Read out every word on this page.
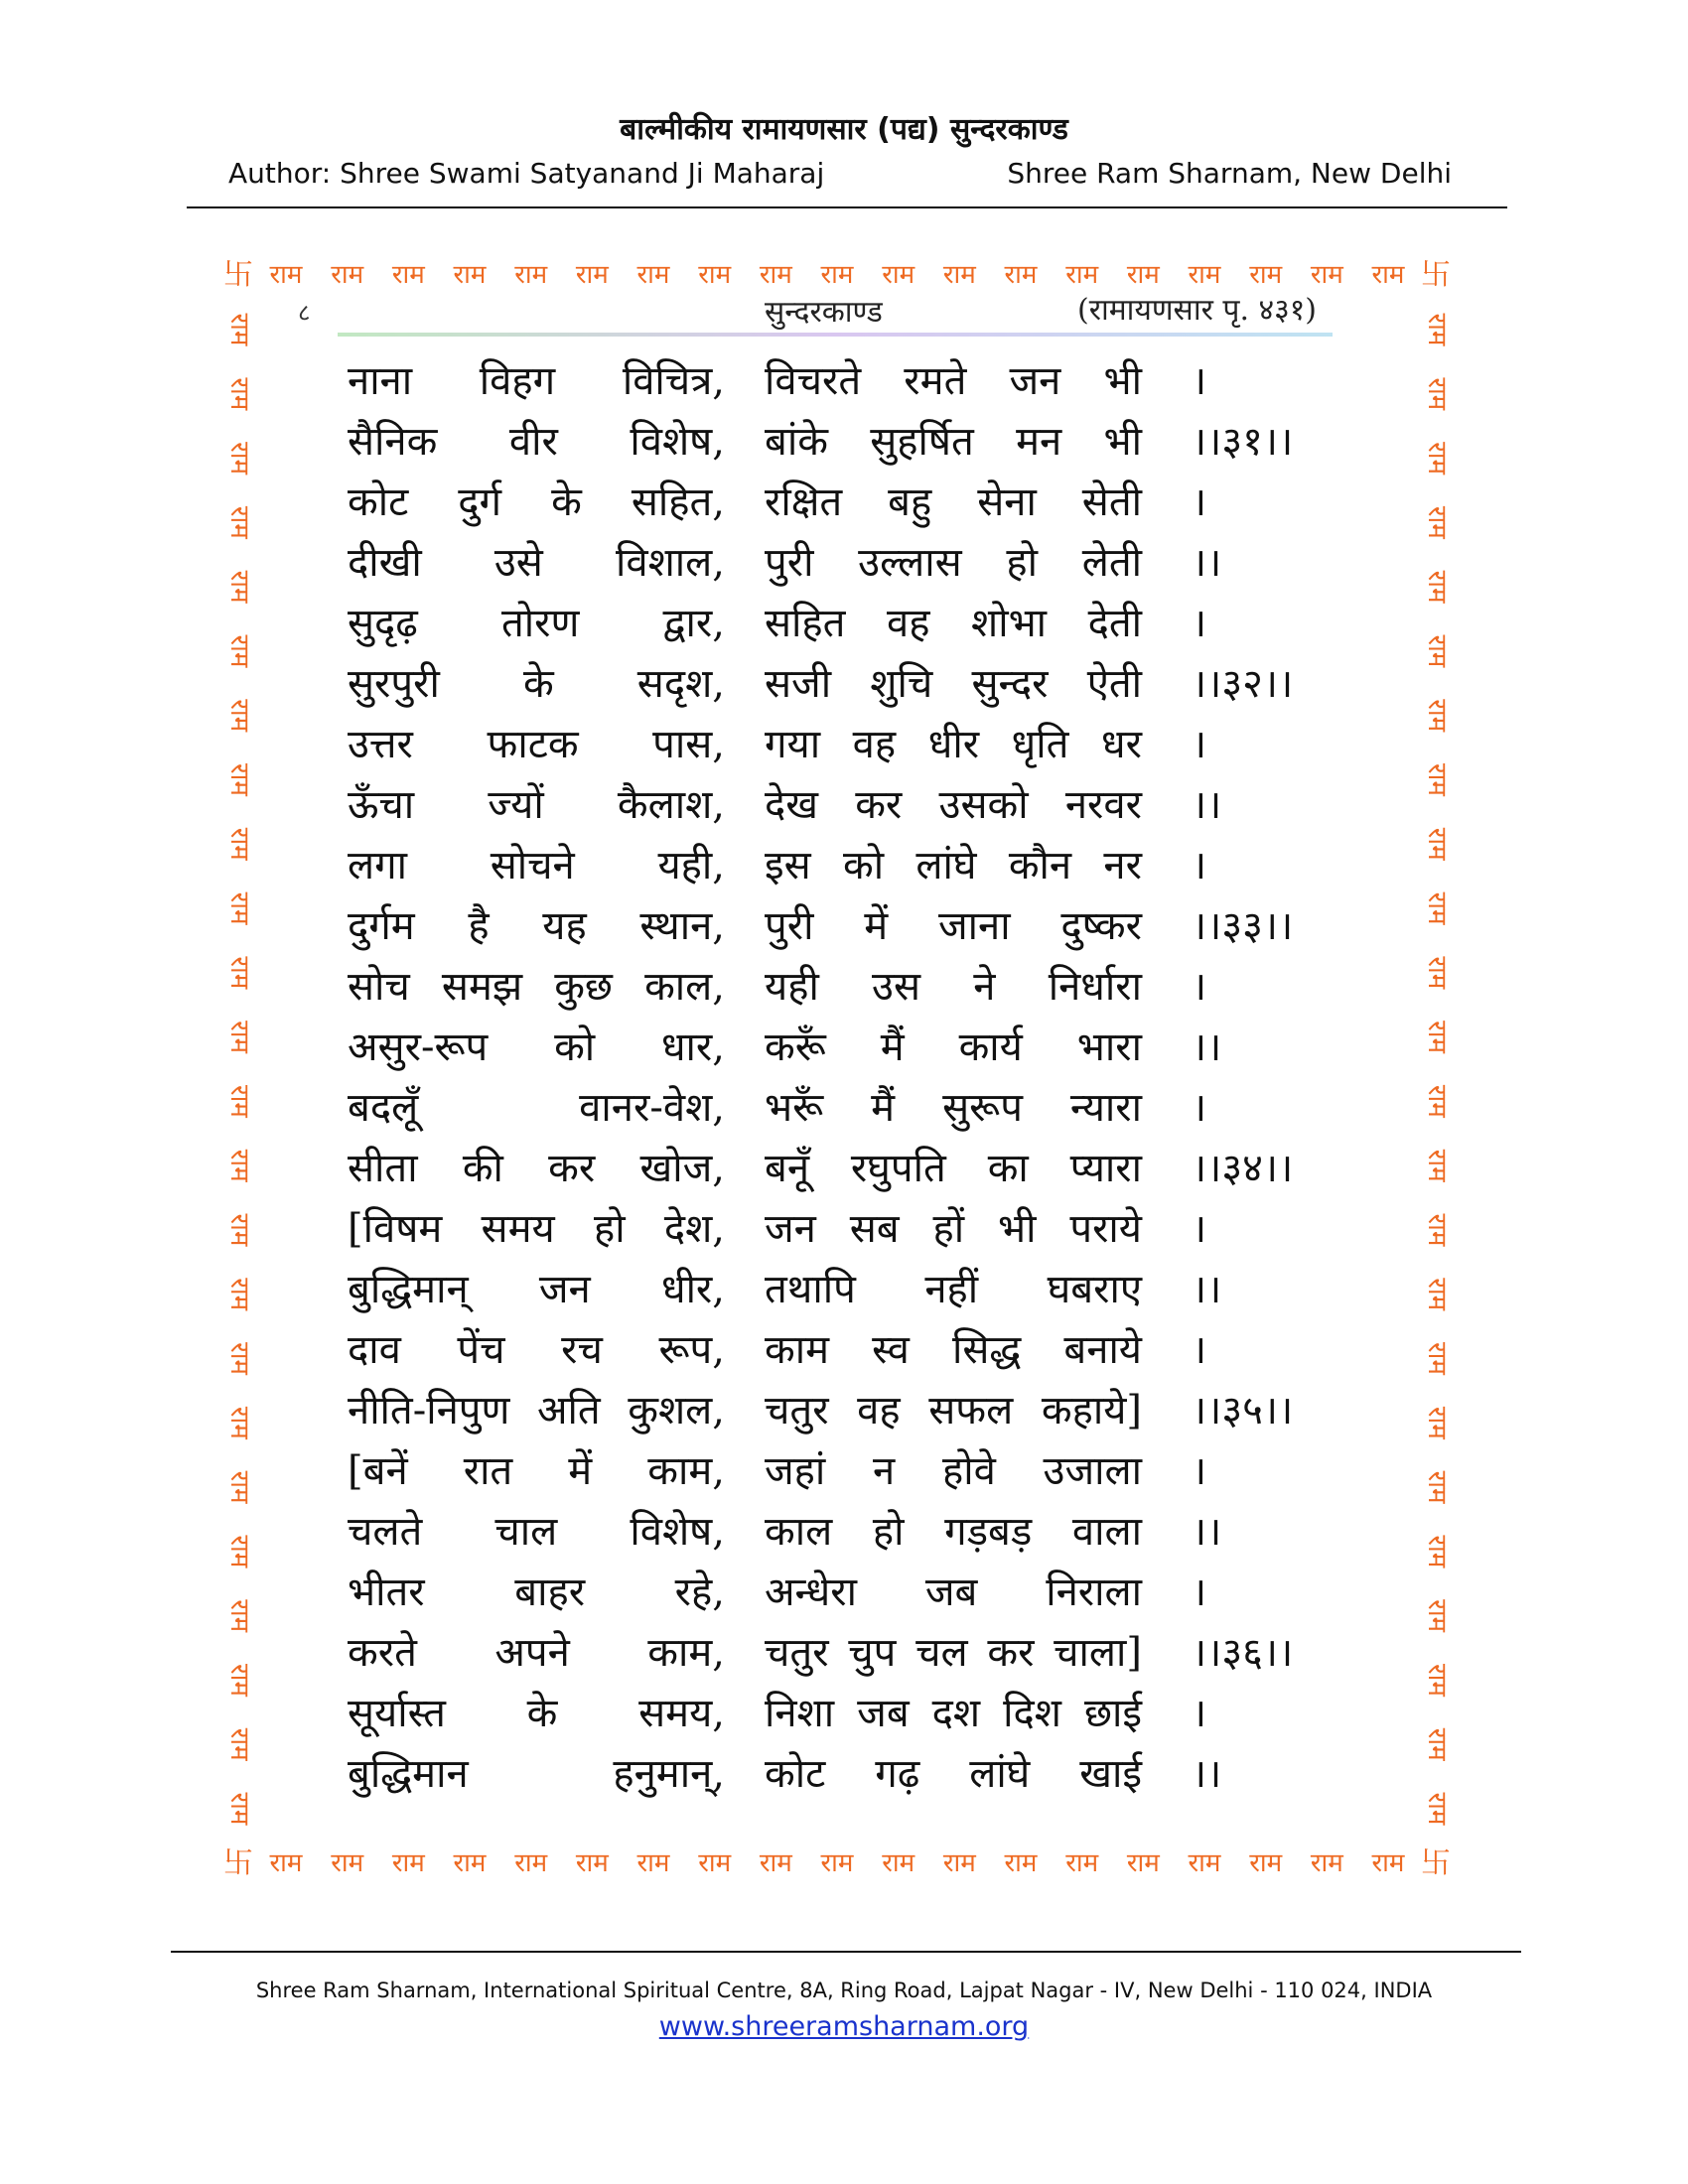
बाल्मीकीय रामायणसार (पद्य) सुन्दरकाण्ड
Author: Shree Swami Satyanand Ji Maharaj	Shree Ram Sharnam, New Delhi
राम
राम
राम
राम
राम
राम
राम
राम
राम
राम
राम
राम
राम
राम
राम
राम
राम
राम
राम
राम
राम
राम
राम
राम
राम
राम
राम
राम
राम
राम
राम
राम
राम
राम
राम
राम
राम
राम
राम	राम
राम	राम
राम	राम
राम	राम
राम	राम
राम	राम
राम	राम
राम	राम
राम	राम
राम	राम
राम	राम
राम	राम
राम	राम
राम	राम
राम	राम
राम	राम
राम	राम
राम	राम
राम	राम
राम	राम
राम	राम
राम	राम
राम	राम
राम	राम
卐	卐
卐	卐
८	सुन्दरकाण्ड	(रामायणसार पृ. ४३१)
नाना विहग विचित्र, विचरते रमते जन भी ।
सैनिक वीर विशेष, बांके सुहर्षित मन भी ।।३१।।
कोट दुर्ग के सहित, रक्षित बहु सेना सेती ।
दीखी उसे विशाल, पुरी उल्लास हो लेती ।।
सुदृढ़ तोरण द्वार, सहित वह शोभा देती ।
सुरपुरी के सदृश, सजी शुचि सुन्दर ऐती ।।३२।।
उत्तर फाटक पास, गया वह धीर धृति धर ।
ऊँचा ज्यों कैलाश, देख कर उसको नरवर ।।
लगा सोचने यही, इस को लांघे कौन नर ।
दुर्गम है यह स्थान, पुरी में जाना दुष्कर ।।३३।।
सोच समझ कुछ काल, यही उस ने निर्धारा ।
असुर-रूप को धार, करूँ मैं कार्य भारा ।।
बदलूँ वानर-वेश, भरूँ मैं सुरूप न्यारा ।
सीता की कर खोज, बनूँ रघुपति का प्यारा ।।३४।।
[विषम समय हो देश, जन सब हों भी पराये ।
बुद्धिमान् जन धीर, तथापि नहीं घबराए ।।
दाव पेंच रच रूप, काम स्व सिद्ध बनाये ।
नीति-निपुण अति कुशल, चतुर वह सफल कहाये] ।।३५।।
[बनें रात में काम, जहां न होवे उजाला ।
चलते चाल विशेष, काल हो गड़बड़ वाला ।।
भीतर बाहर रहे, अन्धेरा जब निराला ।
करते अपने काम, चतुर चुप चल कर चाला] ।।३६।।
सूर्यास्त के समय, निशा जब दश दिश छाई ।
बुद्धिमान हनुमान्, कोट गढ़ लांघे खाई ।।
Shree Ram Sharnam, International Spiritual Centre, 8A, Ring Road, Lajpat Nagar - IV, New Delhi - 110 024, INDIA
www.shreeramsharnam.org
